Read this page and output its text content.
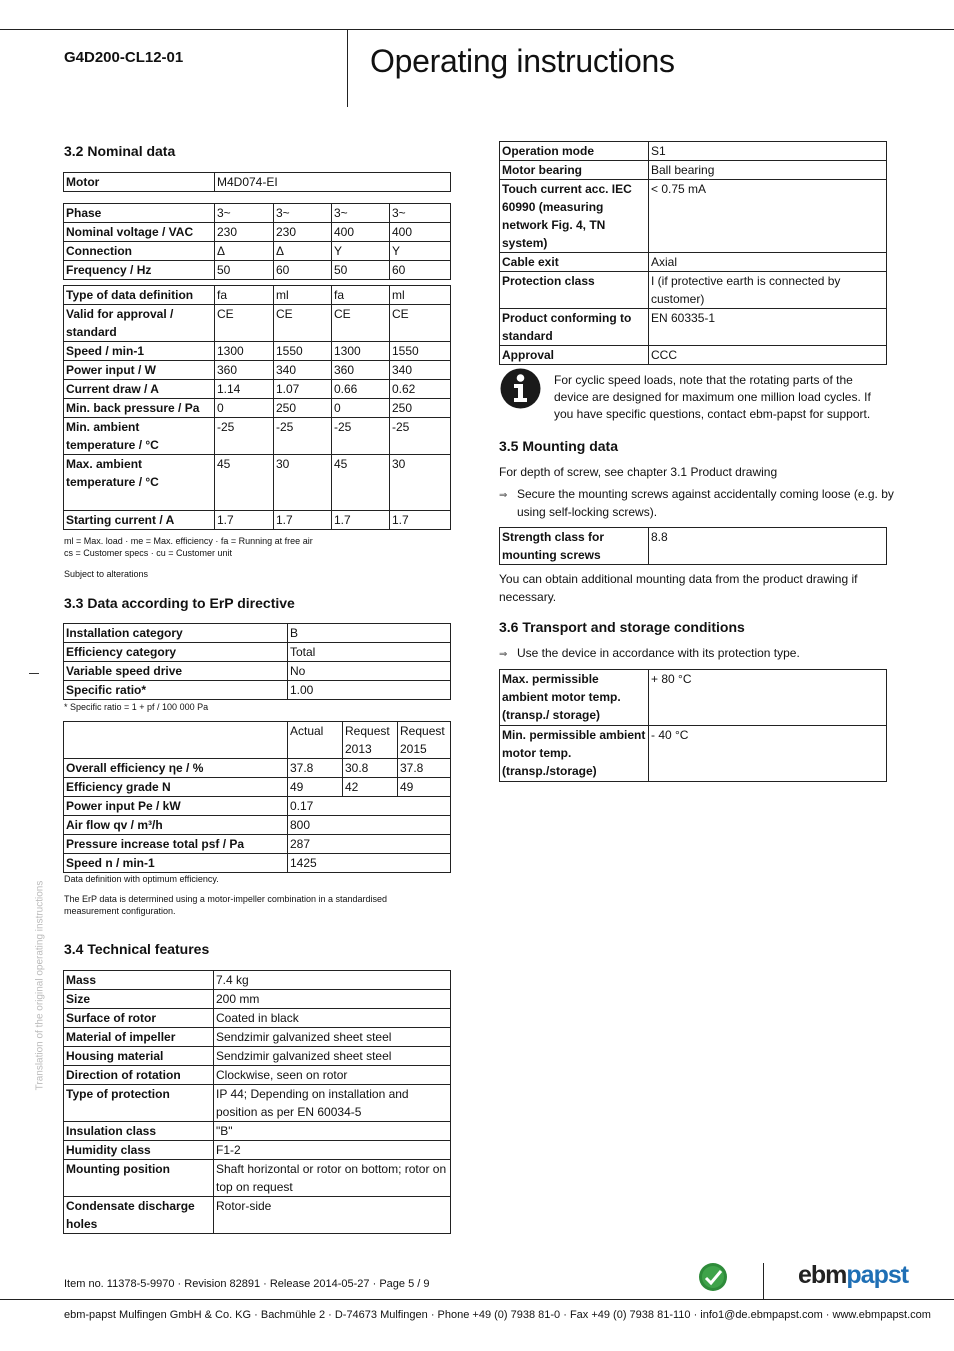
G4D200-CL12-01	Operating instructions
3.2 Nominal data
Motor	M4D074-EI
Phase	3~	3~	3~	3~
Nominal voltage / VAC	230	230	400	400
Connection	Δ	Δ	Y	Y
Frequency / Hz	50	60	50	60
Type of data definition	fa	ml	fa	ml
Valid for approval / standard	CE	CE	CE	CE
Speed / min-1	1300	1550	1300	1550
Power input / W	360	340	360	340
Current draw / A	1.14	1.07	0.66	0.62
Min. back pressure / Pa	0	250	0	250
Min. ambient temperature / °C	-25	-25	-25	-25
Max. ambient temperature / °C	45	30	45	30
Starting current / A	1.7	1.7	1.7	1.7
ml = Max. load · me = Max. efficiency · fa = Running at free air
cs = Customer specs · cu = Customer unit
Subject to alterations
3.3 Data according to ErP directive
Installation category	B
Efficiency category	Total
Variable speed drive	No
Specific ratio*	1.00
* Specific ratio = 1 + pf / 100 000 Pa
	Actual	Request 2013	Request 2015
Overall efficiency ηe / %	37.8	30.8	37.8
Efficiency grade N	49	42	49
Power input Pe / kW	0.17		
Air flow qv / m³/h	800		
Pressure increase total psf / Pa	287		
Speed n / min-1	1425		
Data definition with optimum efficiency.
The ErP data is determined using a motor-impeller combination in a standardised measurement configuration.
3.4 Technical features
Mass	7.4 kg
Size	200 mm
Surface of rotor	Coated in black
Material of impeller	Sendzimir galvanized sheet steel
Housing material	Sendzimir galvanized sheet steel
Direction of rotation	Clockwise, seen on rotor
Type of protection	IP 44; Depending on installation and position as per EN 60034-5
Insulation class	"B"
Humidity class	F1-2
Mounting position	Shaft horizontal or rotor on bottom; rotor on top on request
Condensate discharge holes	Rotor-side
Operation mode	S1
Motor bearing	Ball bearing
Touch current acc. IEC 60990 (measuring network Fig. 4, TN system)	< 0.75 mA
Cable exit	Axial
Protection class	I (if protective earth is connected by customer)
Product conforming to standard	EN 60335-1
Approval	CCC
For cyclic speed loads, note that the rotating parts of the device are designed for maximum one million load cycles. If you have specific questions, contact ebm-papst for support.
3.5 Mounting data
For depth of screw, see chapter 3.1 Product drawing
⇒ Secure the mounting screws against accidentally coming loose (e.g. by using self-locking screws).
Strength class for mounting screws	8.8
You can obtain additional mounting data from the product drawing if necessary.
3.6 Transport and storage conditions
⇒ Use the device in accordance with its protection type.
Max. permissible ambient motor temp. (transp./ storage)	+ 80 °C
Min. permissible ambient motor temp. (transp./storage)	- 40 °C
Translation of the original operating instructions
Item no. 11378-5-9970 · Revision 82891 · Release 2014-05-27 · Page 5 / 9	ebmpapst
ebm-papst Mulfingen GmbH & Co. KG · Bachmühle 2 · D-74673 Mulfingen · Phone +49 (0) 7938 81-0 · Fax +49 (0) 7938 81-110 · info1@de.ebmpapst.com · www.ebmpapst.com
